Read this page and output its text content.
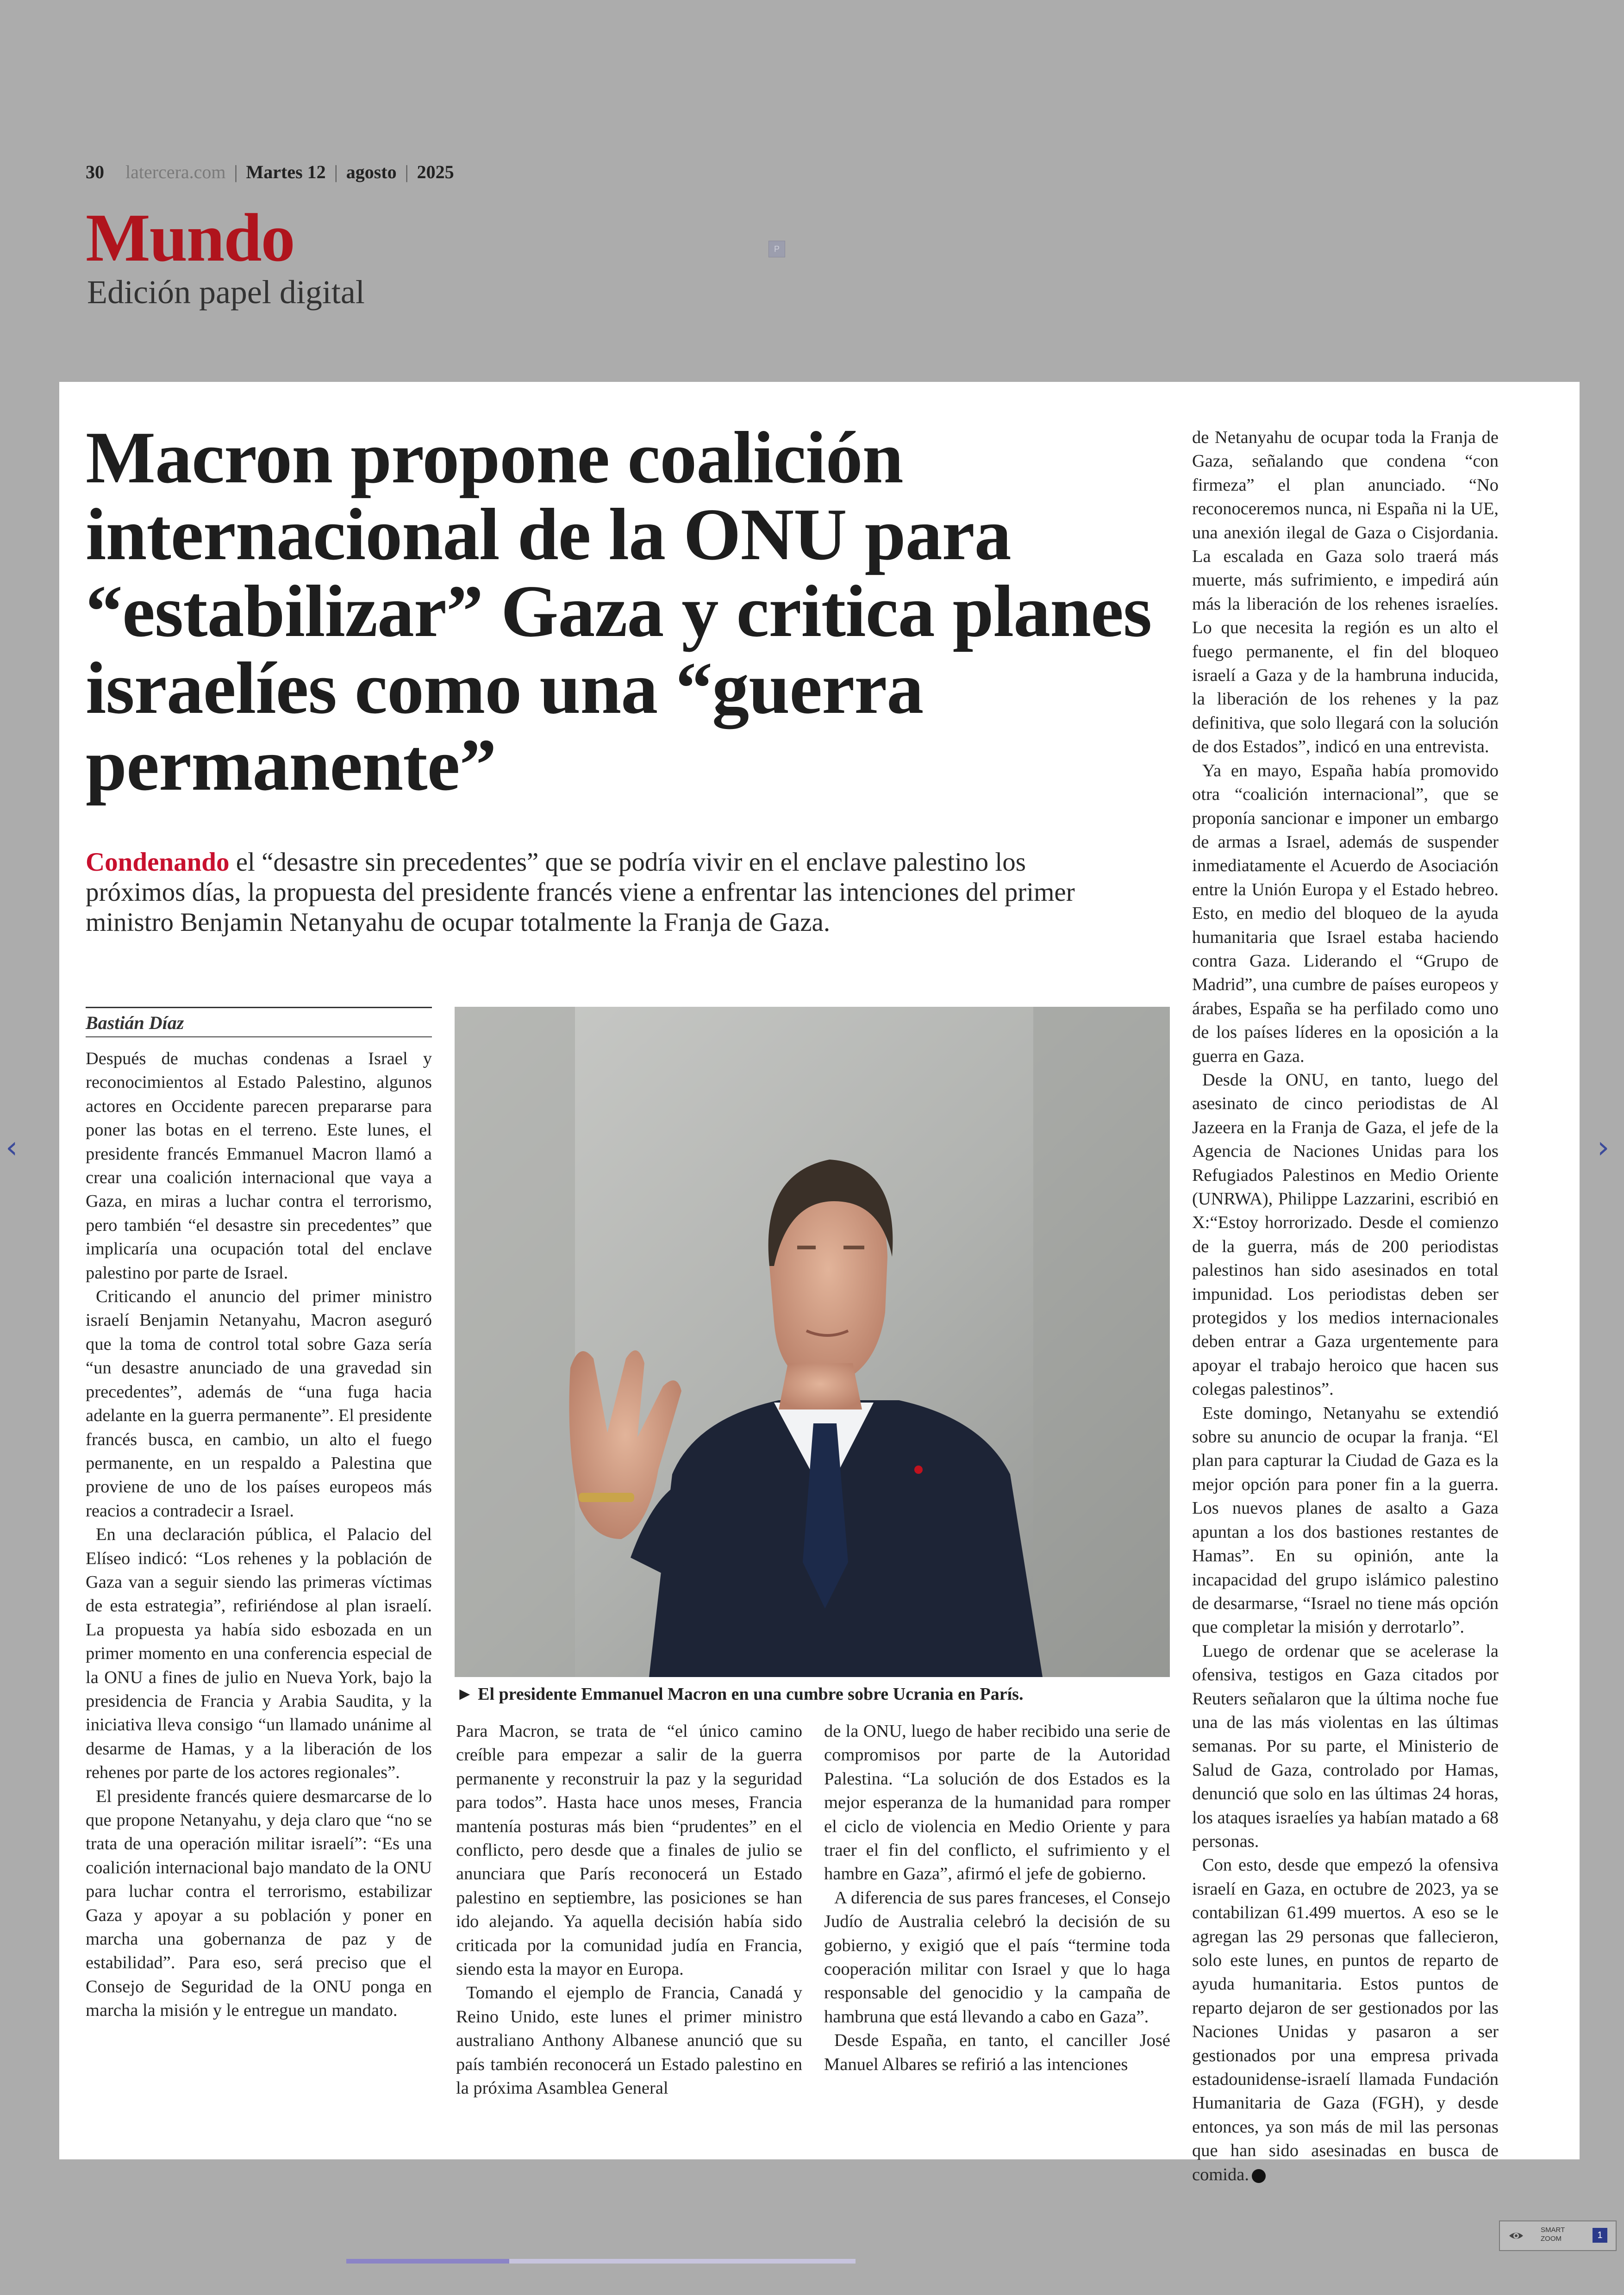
30 latercera.com | Martes 12 | agosto | 2025
Mundo
Edición papel digital
P
Macron propone coalición internacional de la ONU para “estabilizar” Gaza y critica planes israelíes como una “guerra permanente”

Condenando el “desastre sin precedentes” que se podría vivir en el enclave palestino los próximos días, la propuesta del presidente francés viene a enfrentar las intenciones del primer ministro Benjamin Netanyahu de ocupar totalmente la Franja de Gaza.

Bastián Díaz

Después de muchas condenas a Israel y reconocimientos al Estado Palestino, algunos actores en Occidente parecen prepararse para poner las botas en el terreno. Este lunes, el presidente francés Emmanuel Macron llamó a crear una coalición internacional que vaya a Gaza, en miras a luchar contra el terrorismo, pero también “el desastre sin precedentes” que implicaría una ocupación total del enclave palestino por parte de Israel.

Criticando el anuncio del primer ministro israelí Benjamin Netanyahu, Macron aseguró que la toma de control total sobre Gaza sería “un desastre anunciado de una gravedad sin precedentes”, además de “una fuga hacia adelante en la guerra permanente”. El presidente francés busca, en cambio, un alto el fuego permanente, en un respaldo a Palestina que proviene de uno de los países europeos más reacios a contradecir a Israel.

En una declaración pública, el Palacio del Elíseo indicó: “Los rehenes y la población de Gaza van a seguir siendo las primeras víctimas de esta estrategia”, refiriéndose al plan israelí. La propuesta ya había sido esbozada en un primer momento en una conferencia especial de la ONU a fines de julio en Nueva York, bajo la presidencia de Francia y Arabia Saudita, y la iniciativa lleva consigo “un llamado unánime al desarme de Hamas, y a la liberación de los rehenes por parte de los actores regionales”.

El presidente francés quiere desmarcarse de lo que propone Netanyahu, y deja claro que “no se trata de una operación militar israelí”: “Es una coalición internacional bajo mandato de la ONU para luchar contra el terrorismo, estabilizar Gaza y apoyar a su población y poner en marcha una gobernanza de paz y de estabilidad”. Para eso, será preciso que el Consejo de Seguridad de la ONU ponga en marcha la misión y le entregue un mandato.

► El presidente Emmanuel Macron en una cumbre sobre Ucrania en París.

Para Macron, se trata de “el único camino creíble para empezar a salir de la guerra permanente y reconstruir la paz y la seguridad para todos”. Hasta hace unos meses, Francia mantenía posturas más bien “prudentes” en el conflicto, pero desde que a finales de julio se anunciara que París reconocerá un Estado palestino en septiembre, las posiciones se han ido alejando. Ya aquella decisión había sido criticada por la comunidad judía en Francia, siendo esta la mayor en Europa.

Tomando el ejemplo de Francia, Canadá y Reino Unido, este lunes el primer ministro australiano Anthony Albanese anunció que su país también reconocerá un Estado palestino en la próxima Asamblea General

de la ONU, luego de haber recibido una serie de compromisos por parte de la Autoridad Palestina. “La solución de dos Estados es la mejor esperanza de la humanidad para romper el ciclo de violencia en Medio Oriente y para traer el fin del conflicto, el sufrimiento y el hambre en Gaza”, afirmó el jefe de gobierno.

A diferencia de sus pares franceses, el Consejo Judío de Australia celebró la decisión de su gobierno, y exigió que el país “termine toda cooperación militar con Israel y que lo haga responsable del genocidio y la campaña de hambruna que está llevando a cabo en Gaza”.

Desde España, en tanto, el canciller José Manuel Albares se refirió a las intenciones

de Netanyahu de ocupar toda la Franja de Gaza, señalando que condena “con firmeza” el plan anunciado. “No reconoceremos nunca, ni España ni la UE, una anexión ilegal de Gaza o Cisjordania. La escalada en Gaza solo traerá más muerte, más sufrimiento, e impedirá aún más la liberación de los rehenes israelíes. Lo que necesita la región es un alto el fuego permanente, el fin del bloqueo israelí a Gaza y de la hambruna inducida, la liberación de los rehenes y la paz definitiva, que solo llegará con la solución de dos Estados”, indicó en una entrevista.

Ya en mayo, España había promovido otra “coalición internacional”, que se proponía sancionar e imponer un embargo de armas a Israel, además de suspender inmediatamente el Acuerdo de Asociación entre la Unión Europa y el Estado hebreo. Esto, en medio del bloqueo de la ayuda humanitaria que Israel estaba haciendo contra Gaza. Liderando el “Grupo de Madrid”, una cumbre de países europeos y árabes, España se ha perfilado como uno de los países líderes en la oposición a la guerra en Gaza.

Desde la ONU, en tanto, luego del asesinato de cinco periodistas de Al Jazeera en la Franja de Gaza, el jefe de la Agencia de Naciones Unidas para los Refugiados Palestinos en Medio Oriente (UNRWA), Philippe Lazzarini, escribió en X:“Estoy horrorizado. Desde el comienzo de la guerra, más de 200 periodistas palestinos han sido asesinados en total impunidad. Los periodistas deben ser protegidos y los medios internacionales deben entrar a Gaza urgentemente para apoyar el trabajo heroico que hacen sus colegas palestinos”.

Este domingo, Netanyahu se extendió sobre su anuncio de ocupar la franja. “El plan para capturar la Ciudad de Gaza es la mejor opción para poner fin a la guerra. Los nuevos planes de asalto a Gaza apuntan a los dos bastiones restantes de Hamas”. En su opinión, ante la incapacidad del grupo islámico palestino de desarmarse, “Israel no tiene más opción que completar la misión y derrotarlo”.

Luego de ordenar que se acelerase la ofensiva, testigos en Gaza citados por Reuters señalaron que la última noche fue una de las más violentas en las últimas semanas. Por su parte, el Ministerio de Salud de Gaza, controlado por Hamas, denunció que solo en las últimas 24 horas, los ataques israelíes ya habían matado a 68 personas.

Con esto, desde que empezó la ofensiva israelí en Gaza, en octubre de 2023, ya se contabilizan 61.499 muertos. A eso se le agregan las 29 personas que fallecieron, solo este lunes, en puntos de reparto de ayuda humanitaria. Estos puntos de reparto dejaron de ser gestionados por las Naciones Unidas y pasaron a ser gestionados por una empresa privada estadounidense-israelí llamada Fundación Humanitaria de Gaza (FGH), y desde entonces, ya son más de mil las personas que han sido asesinadas en busca de comida.

‹	›
SMART
ZOOM	1
